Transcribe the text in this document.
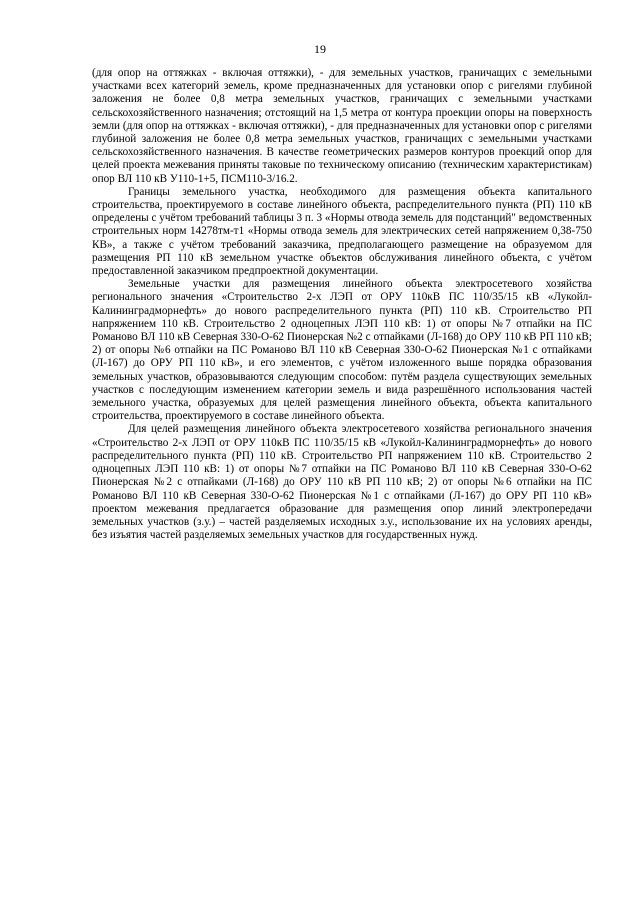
19

(для опор на оттяжках - включая оттяжки), - для земельных участков, граничащих с земельными участками всех категорий земель, кроме предназначенных для установки опор с ригелями глубиной заложения не более 0,8 метра земельных участков, граничащих с земельными участками сельскохозяйственного назначения; отстоящий на 1,5 метра от контура проекции опоры на поверхность земли (для опор на оттяжках - включая оттяжки), - для предназначенных для установки опор с ригелями глубиной заложения не более 0,8 метра земельных участков, граничащих с земельными участками сельскохозяйственного назначения. В качестве геометрических размеров контуров проекций опор для целей проекта межевания приняты таковые по техническому описанию (техническим характеристикам) опор ВЛ 110 кВ У110-1+5, ПСМ110-3/16.2.

Границы земельного участка, необходимого для размещения объекта капитального строительства, проектируемого в составе линейного объекта, распределительного пункта (РП) 110 кВ определены с учётом требований таблицы 3 п. 3 «Нормы отвода земель для подстанций" ведомственных строительных норм 14278тм-т1 «Нормы отвода земель для электрических сетей напряжением 0,38-750 КВ», а также с учётом требований заказчика, предполагающего размещение на образуемом для размещения РП 110 кВ земельном участке объектов обслуживания линейного объекта, с учётом предоставленной заказчиком предпроектной документации.

Земельные участки для размещения линейного объекта электросетевого хозяйства регионального значения «Строительство 2-х ЛЭП от ОРУ 110кВ ПС 110/35/15 кВ «Лукойл-Калининградморнефть» до нового распределительного пункта (РП) 110 кВ. Строительство РП напряжением 110 кВ. Строительство 2 одноцепных ЛЭП 110 кВ: 1) от опоры №7 отпайки на ПС Романово ВЛ 110 кВ Северная 330-О-62 Пионерская №2 с отпайками (Л-168) до ОРУ 110 кВ РП 110 кВ; 2) от опоры №6 отпайки на ПС Романово ВЛ 110 кВ Северная 330-О-62 Пионерская №1 с отпайками (Л-167) до ОРУ РП 110 кВ», и его элементов, с учётом изложенного выше порядка образования земельных участков, образовываются следующим способом: путём раздела существующих земельных участков с последующим изменением категории земель и вида разрешённого использования частей земельного участка, образуемых для целей размещения линейного объекта, объекта капитального строительства, проектируемого в составе линейного объекта.

Для целей размещения линейного объекта электросетевого хозяйства регионального значения «Строительство 2-х ЛЭП от ОРУ 110кВ ПС 110/35/15 кВ «Лукойл-Калининградморнефть» до нового распределительного пункта (РП) 110 кВ. Строительство РП напряжением 110 кВ. Строительство 2 одноцепных ЛЭП 110 кВ: 1) от опоры №7 отпайки на ПС Романово ВЛ 110 кВ Северная 330-О-62 Пионерская №2 с отпайками (Л-168) до ОРУ 110 кВ РП 110 кВ; 2) от опоры №6 отпайки на ПС Романово ВЛ 110 кВ Северная 330-О-62 Пионерская №1 с отпайками (Л-167) до ОРУ РП 110 кВ» проектом межевания предлагается образование для размещения опор линий электропередачи земельных участков (з.у.) – частей разделяемых исходных з.у., использование их на условиях аренды, без изъятия частей разделяемых земельных участков для государственных нужд.
